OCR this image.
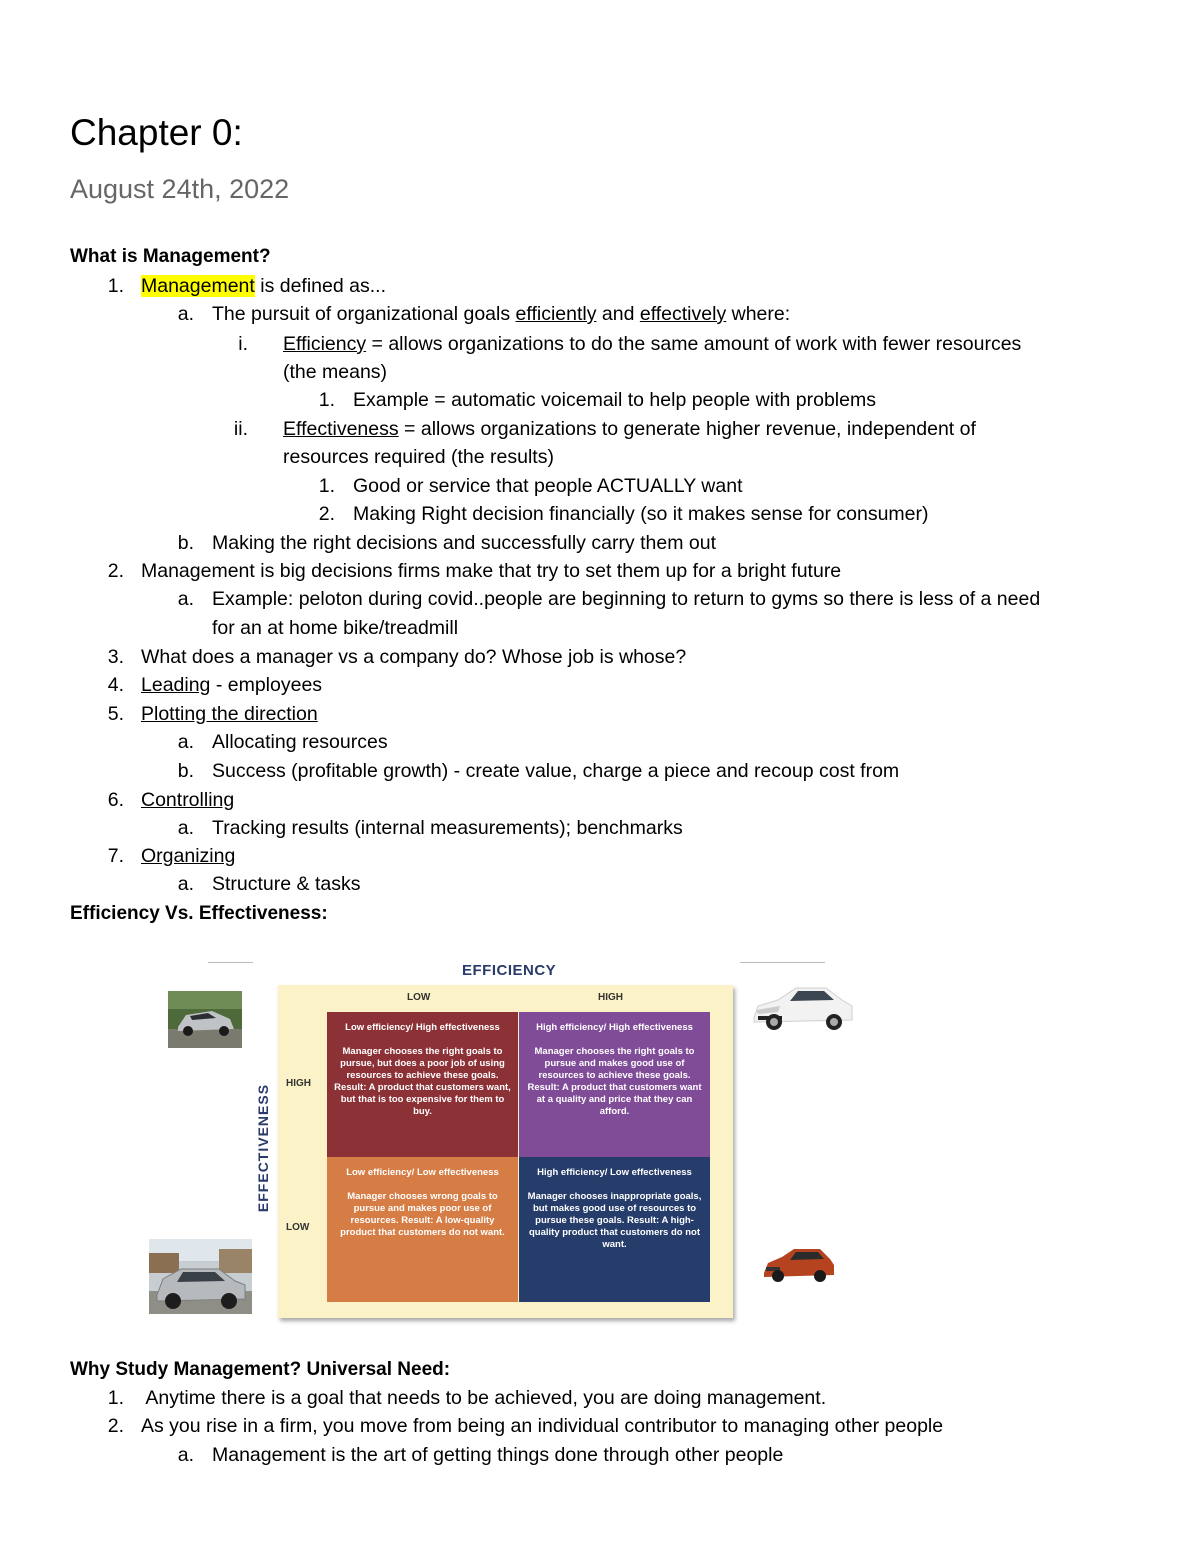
Chapter 0:
August 24th, 2022
What is Management?
1. Management is defined as...
a. The pursuit of organizational goals efficiently and effectively where:
i. Efficiency = allows organizations to do the same amount of work with fewer resources
(the means)
1. Example = automatic voicemail to help people with problems
ii. Effectiveness = allows organizations to generate higher revenue, independent of
resources required (the results)
1. Good or service that people ACTUALLY want
2. Making Right decision financially (so it makes sense for consumer)
b. Making the right decisions and successfully carry them out
2. Management is big decisions firms make that try to set them up for a bright future
a. Example: peloton during covid..people are beginning to return to gyms so there is less of a need
for an at home bike/treadmill
3. What does a manager vs a company do? Whose job is whose?
4. Leading - employees
5. Plotting the direction
a. Allocating resources
b. Success (profitable growth) - create value, charge a piece and recoup cost from
6. Controlling
a. Tracking results (internal measurements); benchmarks
7. Organizing
a. Structure & tasks
Efficiency Vs. Effectiveness:
EFFICIENCY
LOW	HIGH
HIGH
LOW
EFFECTIVENESS
Low efficiency/ High effectiveness
Manager chooses the right goals to pursue, but does a poor job of using resources to achieve these goals. Result: A product that customers want, but that is too expensive for them to buy.
High efficiency/ High effectiveness
Manager chooses the right goals to pursue and makes good use of resources to achieve these goals. Result: A product that customers want at a quality and price that they can afford.
Low efficiency/ Low effectiveness
Manager chooses wrong goals to pursue and makes poor use of resources. Result: A low-quality product that customers do not want.
High efficiency/ Low effectiveness
Manager chooses inappropriate goals, but makes good use of resources to pursue these goals. Result: A high-quality product that customers do not want.
Why Study Management? Universal Need:
1. Anytime there is a goal that needs to be achieved, you are doing management.
2. As you rise in a firm, you move from being an individual contributor to managing other people
a. Management is the art of getting things done through other people
